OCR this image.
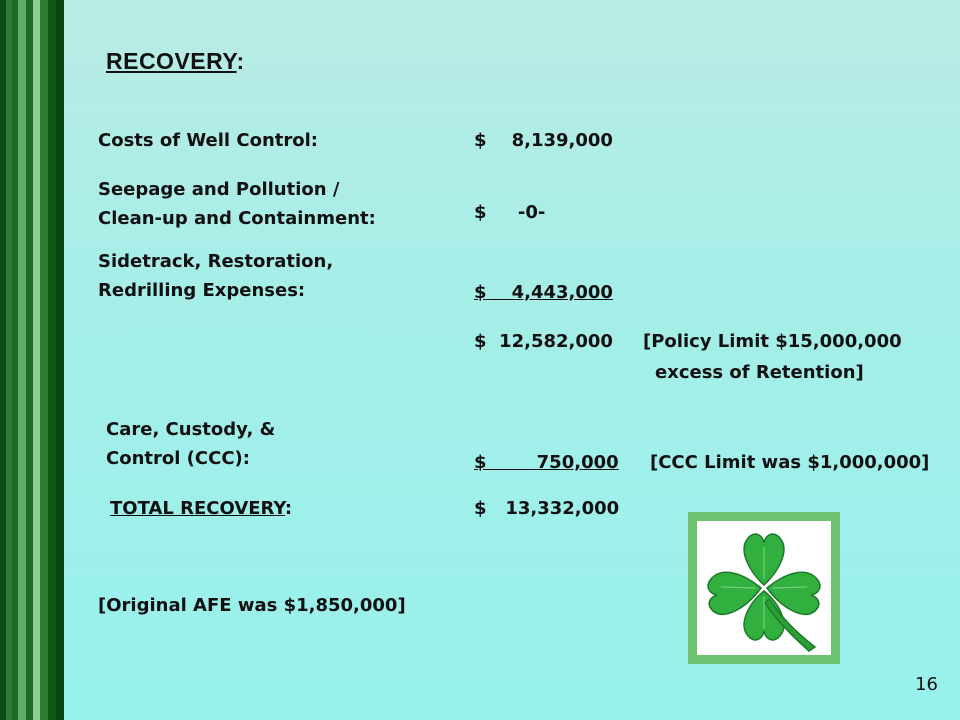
RECOVERY:
Costs of Well Control:	$    8,139,000
Seepage and Pollution /
Clean-up and Containment:	$     -0-
Sidetrack, Restoration,
Redrilling Expenses:	$    4,443,000
$  12,582,000 [Policy Limit $15,000,000
excess of Retention]
Care, Custody, &
Control (CCC):	$        750,000 [CCC Limit was $1,000,000]
TOTAL RECOVERY:	$   13,332,000
[Original AFE was $1,850,000]
16
